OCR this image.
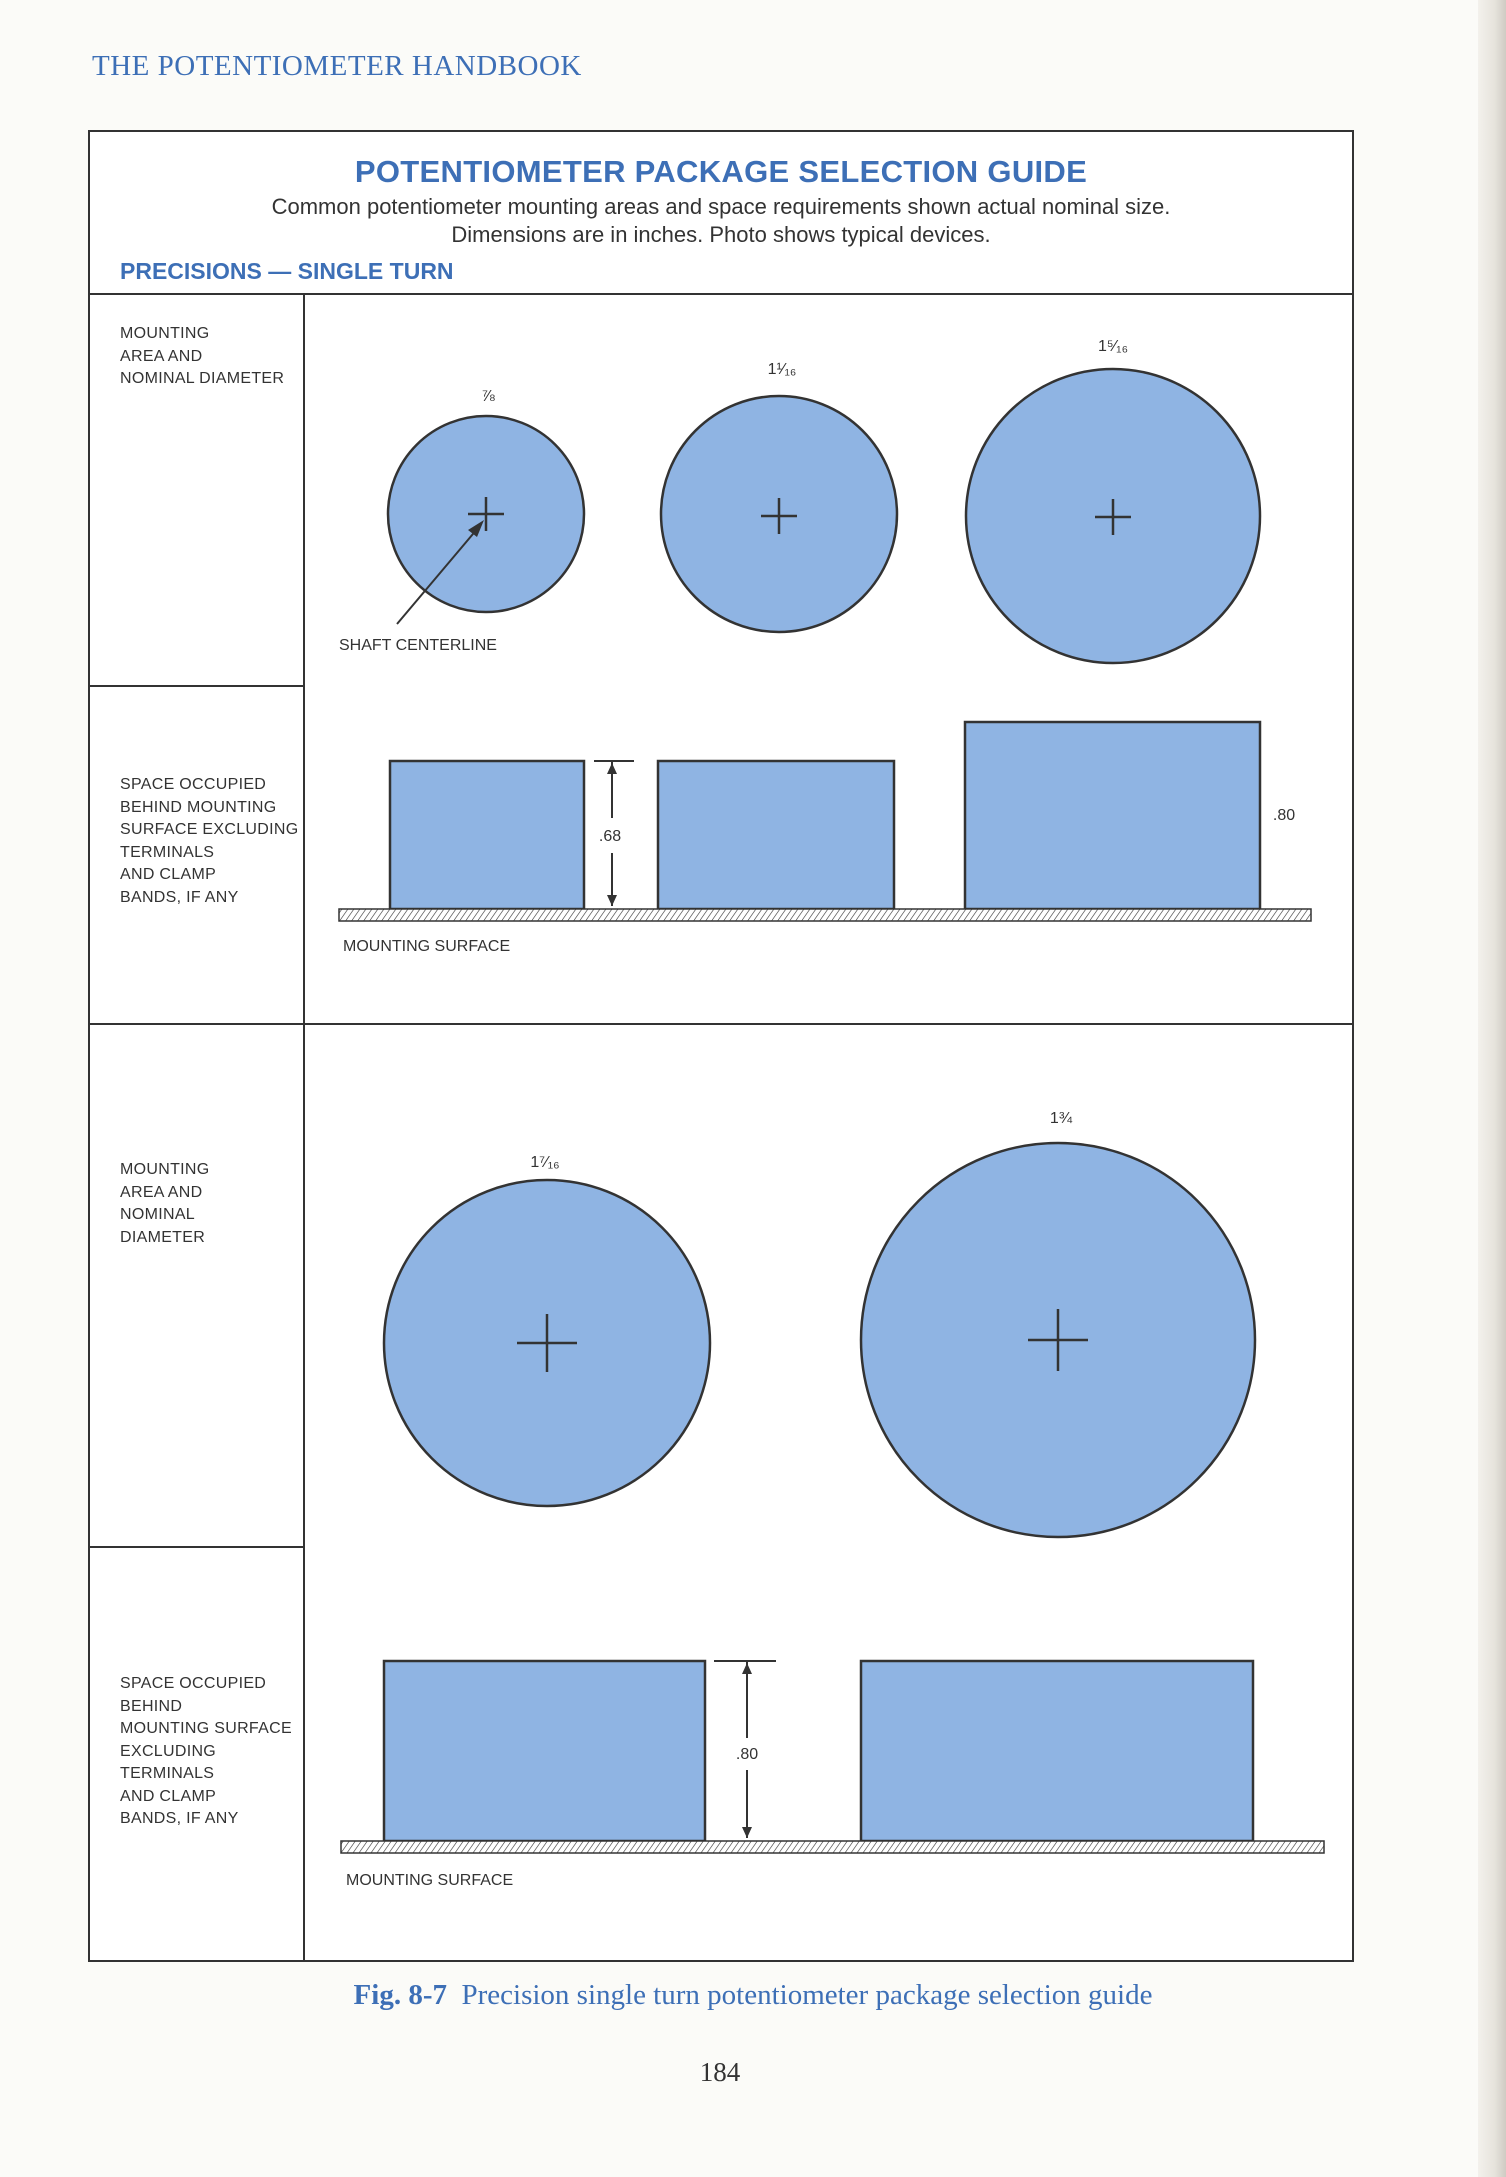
THE POTENTIOMETER HANDBOOK
POTENTIOMETER PACKAGE SELECTION GUIDE
Common potentiometer mounting areas and space requirements shown actual nominal size.
Dimensions are in inches. Photo shows typical devices.
PRECISIONS — SINGLE TURN
MOUNTING
AREA AND
NOMINAL DIAMETER
SPACE OCCUPIED
BEHIND MOUNTING
SURFACE EXCLUDING
TERMINALS
AND CLAMP
BANDS, IF ANY
MOUNTING
AREA AND
NOMINAL
DIAMETER
SPACE OCCUPIED
BEHIND
MOUNTING SURFACE
EXCLUDING
TERMINALS
AND CLAMP
BANDS, IF ANY
⅞
1¹⁄₁₆
1⁵⁄₁₆
SHAFT CENTERLINE
.68
.80
MOUNTING SURFACE
1⁷⁄₁₆
1¾
.80
MOUNTING SURFACE
Fig. 8-7 Precision single turn potentiometer package selection guide
184
